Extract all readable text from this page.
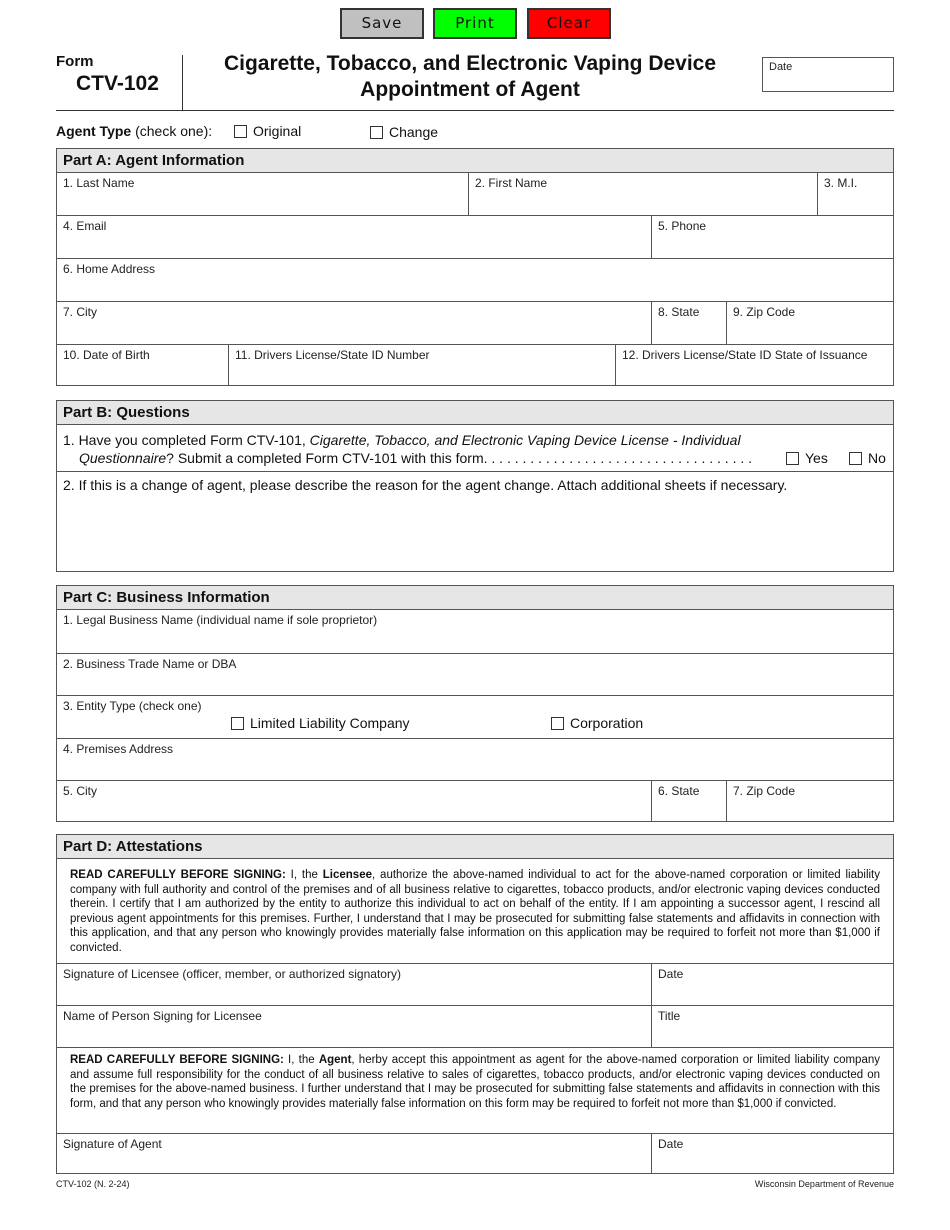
Save	Print	Clear
Form
CTV-102
Cigarette, Tobacco, and Electronic Vaping Device
Appointment of Agent
Date
Agent Type (check one):	Original	Change
Part A: Agent Information
1. Last Name	2. First Name	3. M.I.
4. Email	5. Phone
6. Home Address
7. City	8. State	9. Zip Code
10. Date of Birth	11. Drivers License/State ID Number	12. Drivers License/State ID State of Issuance
Part B: Questions
1. Have you completed Form CTV-101, Cigarette, Tobacco, and Electronic Vaping Device License - Individual
Questionnaire? Submit a completed Form CTV-101 with this form. . . . . . . . . . . . . . . . . . . . . . . . . . . . . . . . . . .	Yes	No
2. If this is a change of agent, please describe the reason for the agent change. Attach additional sheets if necessary.
Part C: Business Information
1. Legal Business Name (individual name if sole proprietor)
2. Business Trade Name or DBA
3. Entity Type (check one)
Limited Liability Company	Corporation
4. Premises Address
5. City	6. State	7. Zip Code
Part D: Attestations
READ CAREFULLY BEFORE SIGNING: I, the Licensee, authorize the above-named individual to act for the above-named corporation or limited liability company with full authority and control of the premises and of all business relative to cigarettes, tobacco products, and/or electronic vaping devices conducted therein. I certify that I am authorized by the entity to authorize this individual to act on behalf of the entity. If I am appointing a successor agent, I rescind all previous agent appointments for this premises. Further, I understand that I may be prosecuted for submitting false statements and affidavits in connection with this application, and that any person who knowingly provides materially false information on this application may be required to forfeit not more than $1,000 if convicted.
Signature of Licensee (officer, member, or authorized signatory)	Date
Name of Person Signing for Licensee	Title
READ CAREFULLY BEFORE SIGNING: I, the Agent, herby accept this appointment as agent for the above-named corporation or limited liability company and assume full responsibility for the conduct of all business relative to sales of cigarettes, tobacco products, and/or electronic vaping devices conducted on the premises for the above-named business. I further understand that I may be prosecuted for submitting false statements and affidavits in connection with this form, and that any person who knowingly provides materially false information on this form may be required to forfeit not more than $1,000 if convicted.
Signature of Agent	Date
CTV-102 (N. 2-24)	Wisconsin Department of Revenue
